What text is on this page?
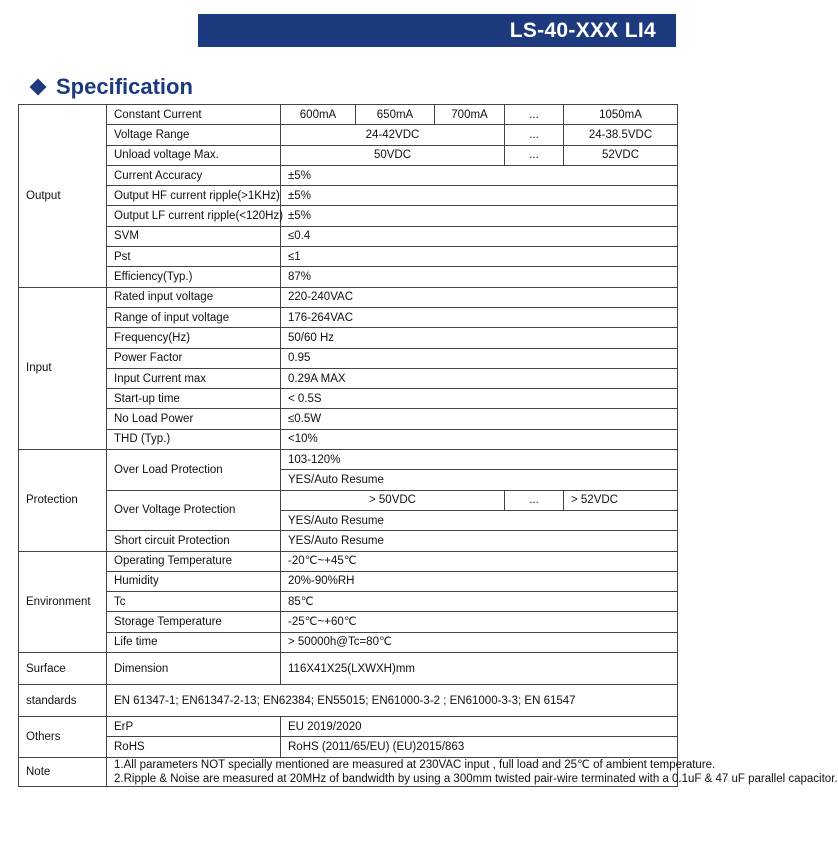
LS-40-XXX LI4
Specification
Output	Constant Current	600mA	650mA	700mA	...	1050mA
	Voltage Range	24-42VDC			...	24-38.5VDC
	Unload voltage Max.	50VDC			...	52VDC
	Current Accuracy	±5%				
	Output HF current ripple(>1KHz)	±5%				
	Output LF current ripple(<120Hz)	±5%				
	SVM	≤0.4				
	Pst	≤1				
	Efficiency(Typ.)	87%				
Input	Rated input voltage	220-240VAC				
	Range of input voltage	176-264VAC				
	Frequency(Hz)	50/60 Hz				
	Power Factor	0.95				
	Input Current max	0.29A MAX				
	Start-up time	< 0.5S				
	No Load Power	≤0.5W				
	THD (Typ.)	<10%				
Protection	Over Load Protection	103-120%				
		YES/Auto Resume				
	Over Voltage Protection	> 50VDC			...	> 52VDC
		YES/Auto Resume				
	Short circuit Protection	YES/Auto Resume				
Environment	Operating Temperature	-20℃~+45℃				
	Humidity	20%-90%RH				
	Tc	85℃				
	Storage Temperature	-25℃~+60℃				
	Life time	> 50000h@Tc=80℃				
Surface	Dimension	116X41X25(LXWXH)mm				
standards	EN 61347-1; EN61347-2-13; EN62384; EN55015; EN61000-3-2 ; EN61000-3-3; EN 61547					
Others	ErP	EU 2019/2020				
	RoHS	RoHS (2011/65/EU) (EU)2015/863				
Note	1.All parameters NOT specially mentioned are measured at 230VAC input , full load and 25℃ of ambient temperature.
2.Ripple & Noise are measured at 20MHz of bandwidth by using a 300mm twisted pair-wire terminated with a 0.1uF & 47 uF parallel capacitor.					
